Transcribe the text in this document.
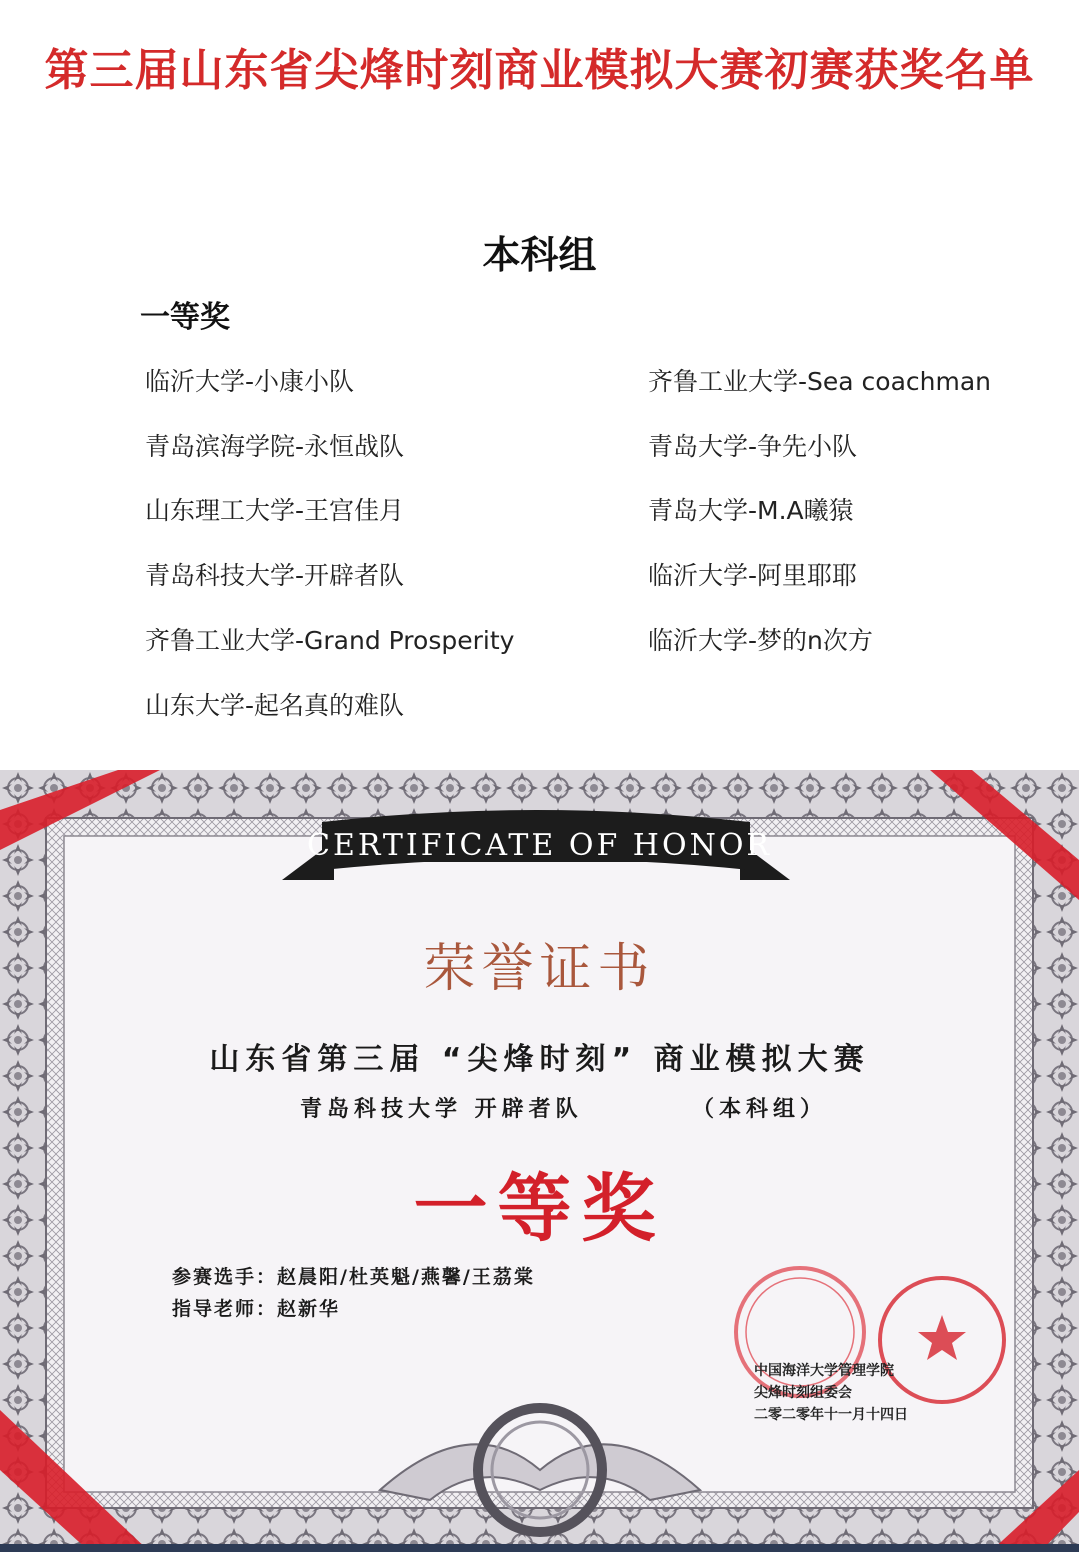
第三届山东省尖烽时刻商业模拟大赛初赛获奖名单
本科组
一等奖
临沂大学-小康小队
青岛滨海学院-永恒战队
山东理工大学-王宫佳月
青岛科技大学-开辟者队
齐鲁工业大学-Grand Prosperity
山东大学-起名真的难队
齐鲁工业大学-Sea coachman
青岛大学-争先小队
青岛大学-M.A曦猿
临沂大学-阿里耶耶
临沂大学-梦的n次方
CERTIFICATE OF HONOR
荣誉证书
山东省第三届 “尖烽时刻” 商业模拟大赛
青岛科技大学 开辟者队	（本科组）
一等奖
参赛选手：赵晨阳/杜英魁/燕馨/王茘棠
指导老师：赵新华
中国海洋大学管理学院
尖烽时刻组委会
二零二零年十一月十四日
